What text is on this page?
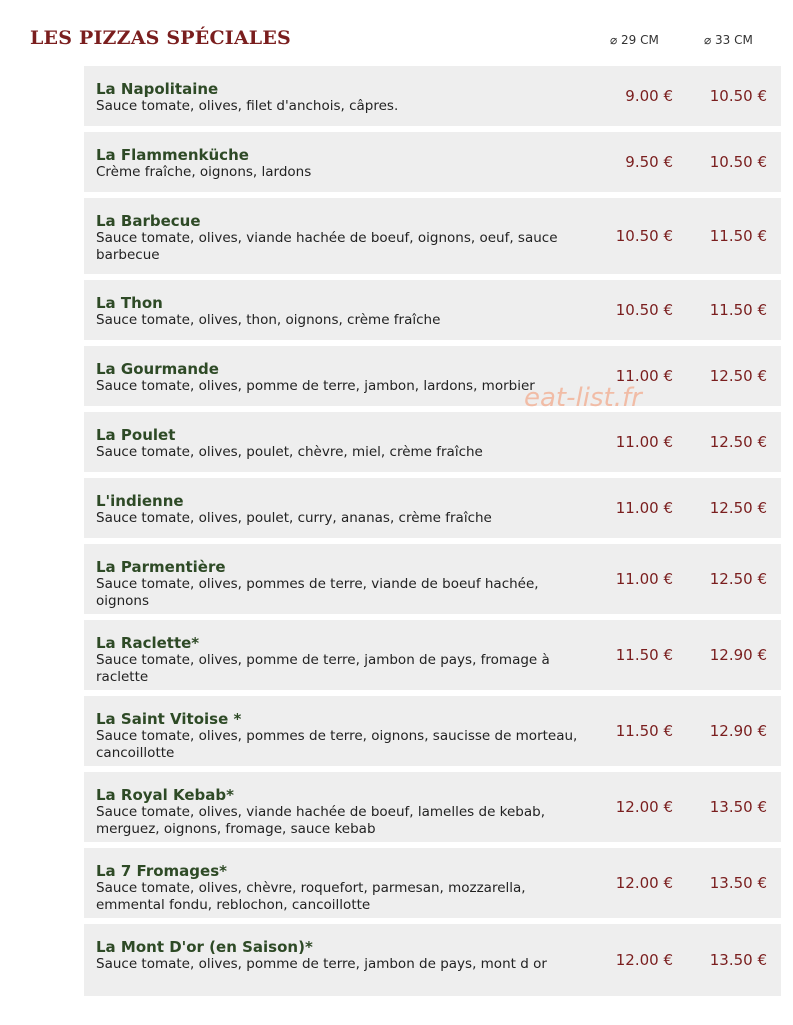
LES PIZZAS SPÉCIALES	⌀ 29 CM	⌀ 33 CM
La Napolitaine
Sauce tomate, olives, filet d'anchois, câpres.
9.00 € 10.50 €
La Flammenküche
Crème fraîche, oignons, lardons
9.50 € 10.50 €
La Barbecue
Sauce tomate, olives, viande hachée de boeuf, oignons, oeuf, sauce barbecue
10.50 € 11.50 €
La Thon
Sauce tomate, olives, thon, oignons, crème fraîche
10.50 € 11.50 €
La Gourmande
Sauce tomate, olives, pomme de terre, jambon, lardons, morbier
11.00 € 12.50 €
La Poulet
Sauce tomate, olives, poulet, chèvre, miel, crème fraîche
11.00 € 12.50 €
L'indienne
Sauce tomate, olives, poulet, curry, ananas, crème fraîche
11.00 € 12.50 €
La Parmentière
Sauce tomate, olives, pommes de terre, viande de boeuf hachée, oignons
11.00 € 12.50 €
La Raclette*
Sauce tomate, olives, pomme de terre, jambon de pays, fromage à raclette
11.50 € 12.90 €
La Saint Vitoise *
Sauce tomate, olives, pommes de terre, oignons, saucisse de morteau, cancoillotte
11.50 € 12.90 €
La Royal Kebab*
Sauce tomate, olives, viande hachée de boeuf, lamelles de kebab, merguez, oignons, fromage, sauce kebab
12.00 € 13.50 €
La 7 Fromages*
Sauce tomate, olives, chèvre, roquefort, parmesan, mozzarella, emmental fondu, reblochon, cancoillotte
12.00 € 13.50 €
La Mont D'or (en Saison)*
Sauce tomate, olives, pomme de terre, jambon de pays, mont d or	12.00 € 13.50 €
eat-list.fr
